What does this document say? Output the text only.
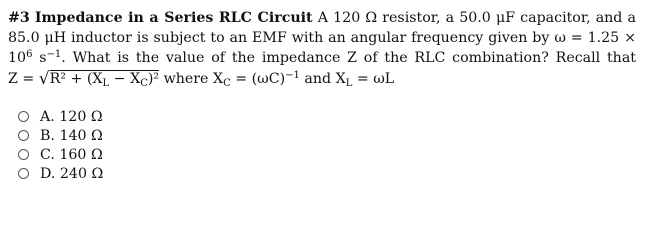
#3 Impedance in a Series RLC Circuit A 120 Ω resistor, a 50.0 μF capacitor, and a
85.0 μH inductor is subject to an EMF with an angular frequency given by ω = 1.25 ×
$10^6$ $s^{-1}$. What is the value of the impedance Z of the RLC combination? Recall that
$Z = √R^2 + (X_L - X_C)^2$ where $X_C = (\omega C)^{-1}$ and $X_L = \omega L$
A. 120 Ω
B. 140 Ω
C. 160 Ω
D. 240 Ω
